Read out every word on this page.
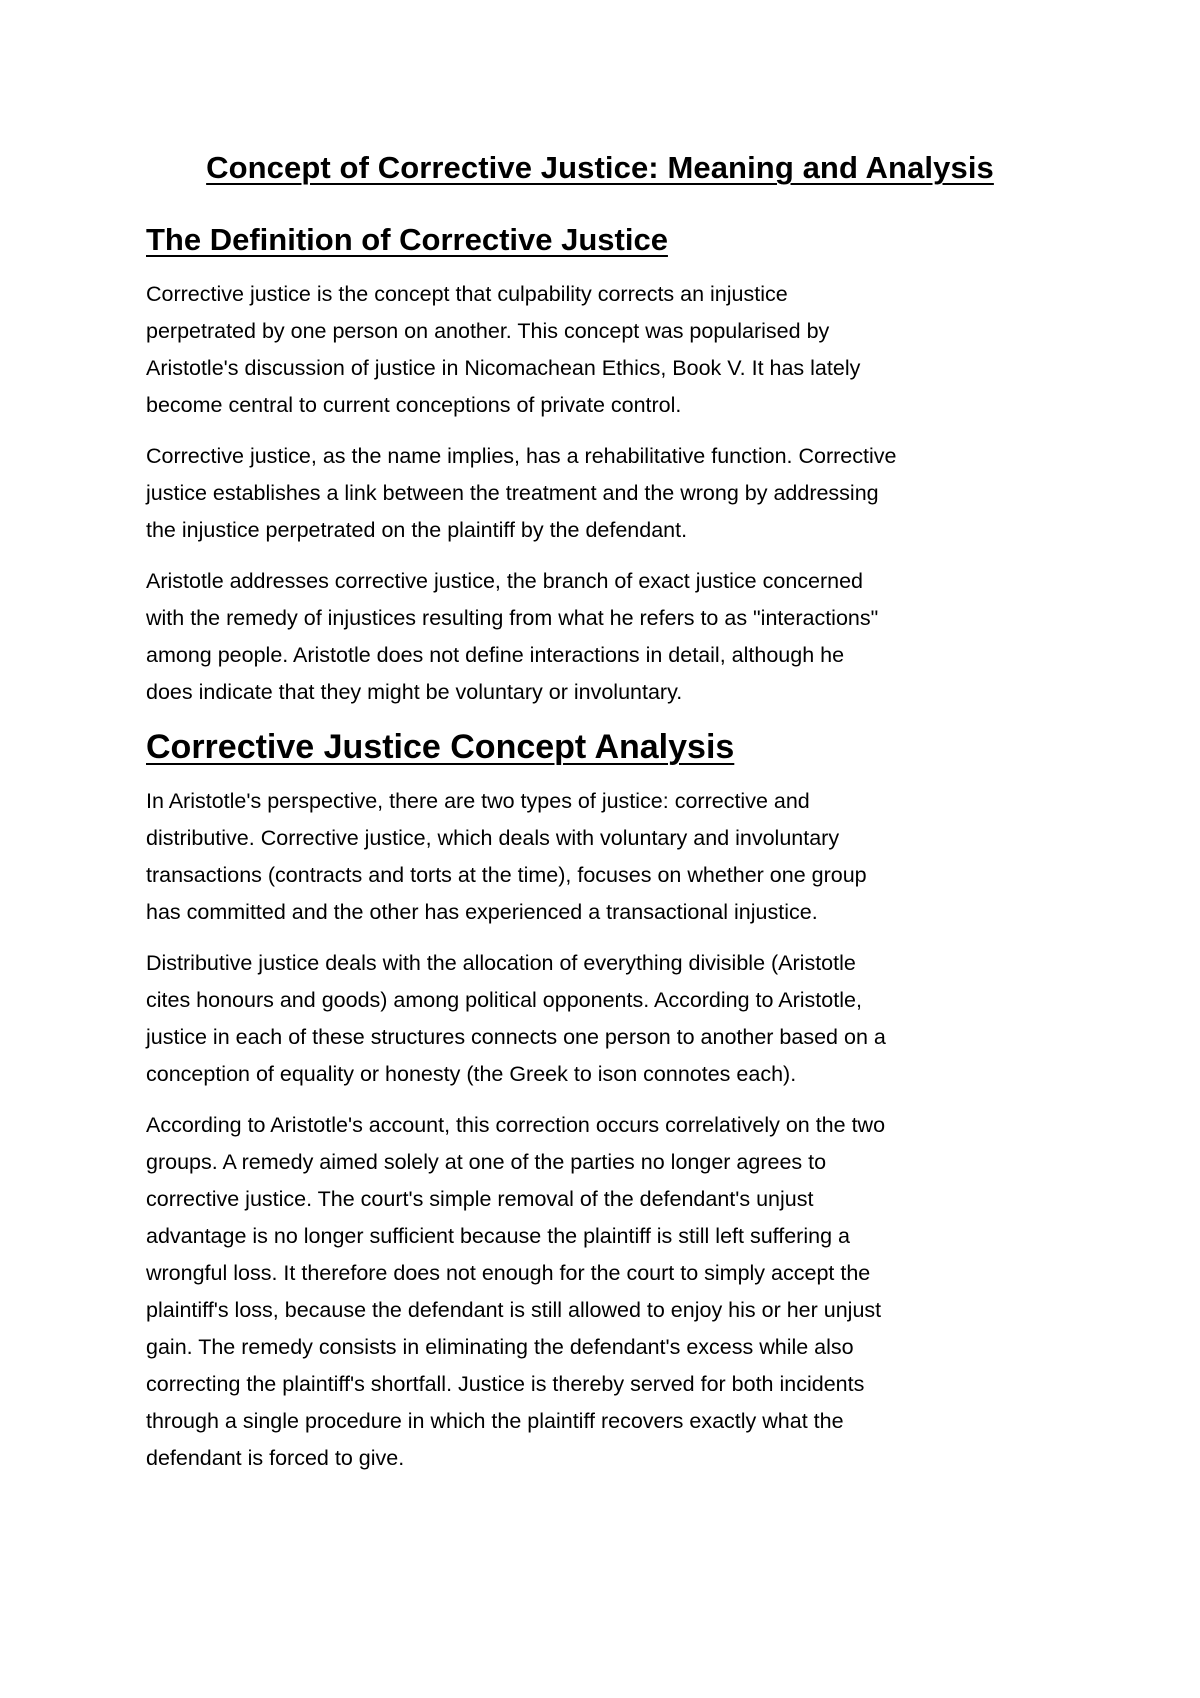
Concept of Corrective Justice: Meaning and Analysis
The Definition of Corrective Justice

Corrective justice is the concept that culpability corrects an injustice
perpetrated by one person on another. This concept was popularised by
Aristotle's discussion of justice in Nicomachean Ethics, Book V. It has lately
become central to current conceptions of private control.

Corrective justice, as the name implies, has a rehabilitative function. Corrective
justice establishes a link between the treatment and the wrong by addressing
the injustice perpetrated on the plaintiff by the defendant.

Aristotle addresses corrective justice, the branch of exact justice concerned
with the remedy of injustices resulting from what he refers to as "interactions"
among people. Aristotle does not define interactions in detail, although he
does indicate that they might be voluntary or involuntary.

Corrective Justice Concept Analysis

In Aristotle's perspective, there are two types of justice: corrective and
distributive. Corrective justice, which deals with voluntary and involuntary
transactions (contracts and torts at the time), focuses on whether one group
has committed and the other has experienced a transactional injustice.

Distributive justice deals with the allocation of everything divisible (Aristotle
cites honours and goods) among political opponents. According to Aristotle,
justice in each of these structures connects one person to another based on a
conception of equality or honesty (the Greek to ison connotes each).

According to Aristotle's account, this correction occurs correlatively on the two
groups. A remedy aimed solely at one of the parties no longer agrees to
corrective justice. The court's simple removal of the defendant's unjust
advantage is no longer sufficient because the plaintiff is still left suffering a
wrongful loss. It therefore does not enough for the court to simply accept the
plaintiff's loss, because the defendant is still allowed to enjoy his or her unjust
gain. The remedy consists in eliminating the defendant's excess while also
correcting the plaintiff's shortfall. Justice is thereby served for both incidents
through a single procedure in which the plaintiff recovers exactly what the
defendant is forced to give.
